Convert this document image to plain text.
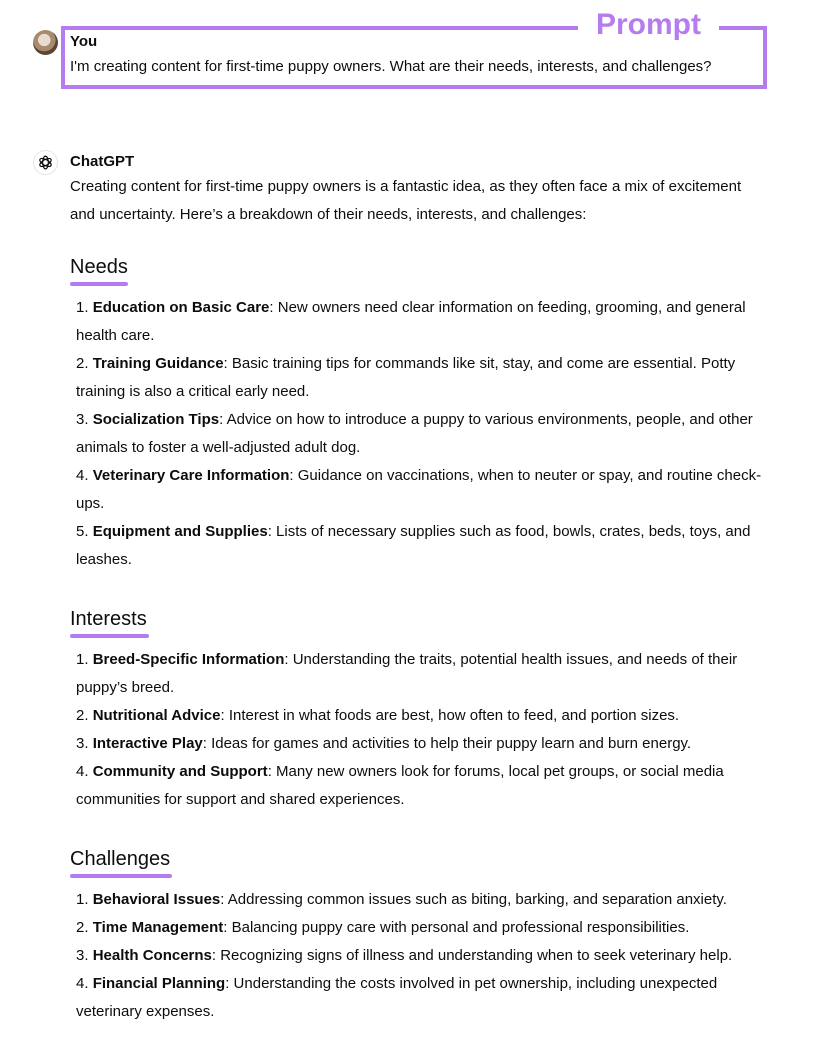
Prompt
You
I'm creating content for first-time puppy owners. What are their needs, interests, and challenges?
ChatGPT
Creating content for first-time puppy owners is a fantastic idea, as they often face a mix of excitement and uncertainty. Here’s a breakdown of their needs, interests, and challenges:
Needs
1. Education on Basic Care: New owners need clear information on feeding, grooming, and general health care.
2. Training Guidance: Basic training tips for commands like sit, stay, and come are essential. Potty training is also a critical early need.
3. Socialization Tips: Advice on how to introduce a puppy to various environments, people, and other animals to foster a well-adjusted adult dog.
4. Veterinary Care Information: Guidance on vaccinations, when to neuter or spay, and routine check-ups.
5. Equipment and Supplies: Lists of necessary supplies such as food, bowls, crates, beds, toys, and leashes.
Interests
1. Breed-Specific Information: Understanding the traits, potential health issues, and needs of their puppy’s breed.
2. Nutritional Advice: Interest in what foods are best, how often to feed, and portion sizes.
3. Interactive Play: Ideas for games and activities to help their puppy learn and burn energy.
4. Community and Support: Many new owners look for forums, local pet groups, or social media communities for support and shared experiences.
Challenges
1. Behavioral Issues: Addressing common issues such as biting, barking, and separation anxiety.
2. Time Management: Balancing puppy care with personal and professional responsibilities.
3. Health Concerns: Recognizing signs of illness and understanding when to seek veterinary help.
4. Financial Planning: Understanding the costs involved in pet ownership, including unexpected veterinary expenses.
